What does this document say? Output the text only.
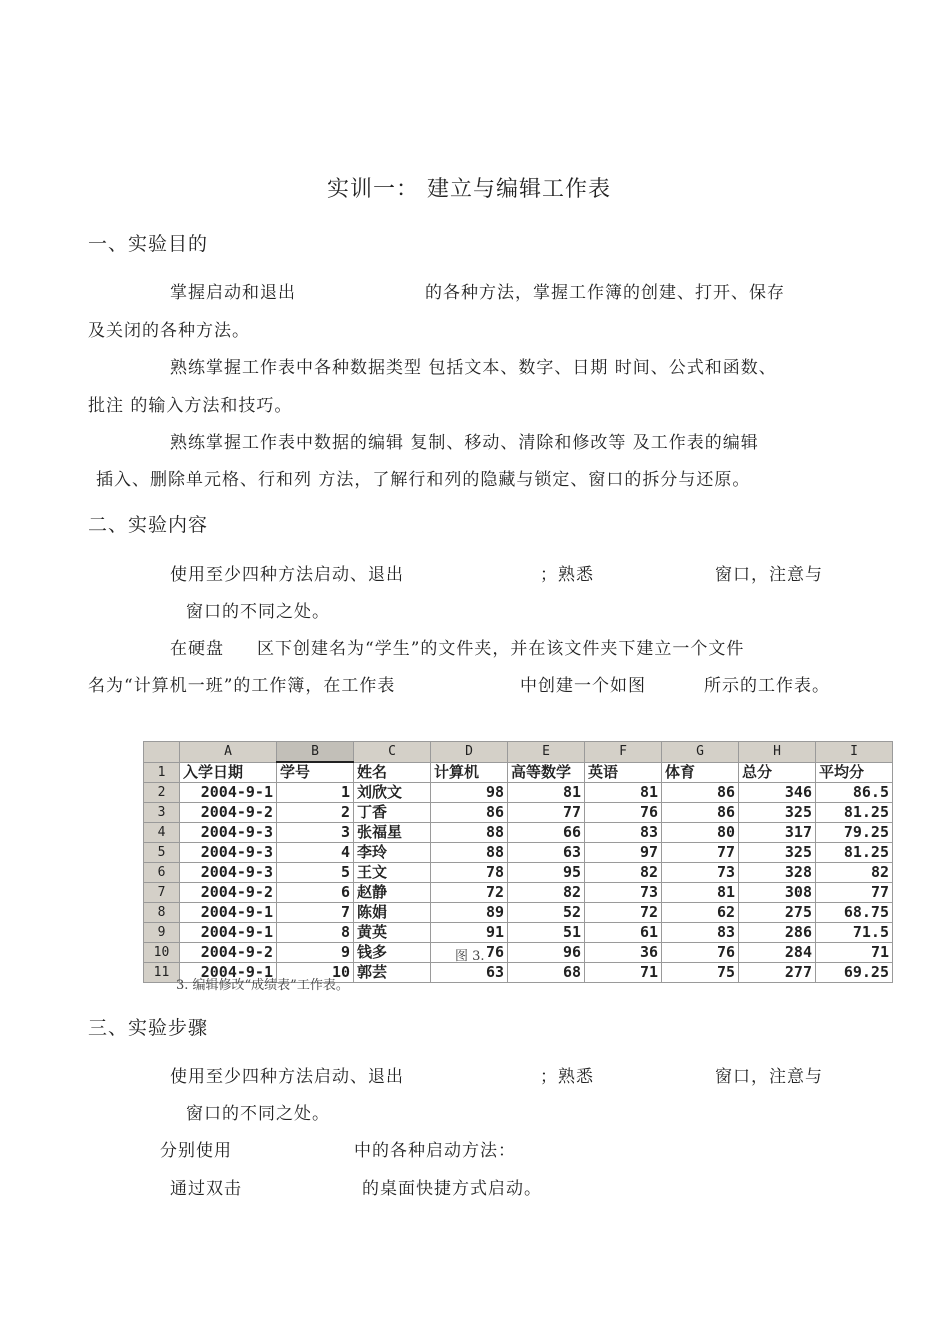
实训一： 建立与编辑工作表
一、实验目的
掌握启动和退出	的各种方法，掌握工作簿的创建、打开、保存
及关闭的各种方法。
熟练掌握工作表中各种数据类型 包括文本、数字、日期 时间、公式和函数、
批注 的输入方法和技巧。
熟练掌握工作表中数据的编辑 复制、移动、清除和修改等 及工作表的编辑
插入、删除单元格、行和列 方法，了解行和列的隐藏与锁定、窗口的拆分与还原。
二、实验内容
使用至少四种方法启动、退出	；熟悉	窗口，注意与
窗口的不同之处。
在硬盘 区下创建名为“学生”的文件夹，并在该文件夹下建立一个文件
名为“计算机一班”的工作簿，在工作表	中创建一个如图	所示的工作表。
	A	B	C	D	E	F	G	H	I
1	入学日期	学号	姓名	计算机	高等数学	英语	体育	总分	平均分
2	2004-9-1	1	刘欣文	98	81	81	86	346	86.5
3	2004-9-2	2	丁香	86	77	76	86	325	81.25
4	2004-9-3	3	张福星	88	66	83	80	317	79.25
5	2004-9-3	4	李玲	88	63	97	77	325	81.25
6	2004-9-3	5	王文	78	95	82	73	328	82
7	2004-9-2	6	赵静	72	82	73	81	308	77
8	2004-9-1	7	陈娟	89	52	72	62	275	68.75
9	2004-9-1	8	黄英	91	51	61	83	286	71.5
10	2004-9-2	9	钱多	76	96	36	76	284	71
11	2004-9-1	10	郭芸	63	68	71	75	277	69.25
图 3.
3. 编辑修改“成绩表”工作表。
三、实验步骤
使用至少四种方法启动、退出	；熟悉	窗口，注意与
窗口的不同之处。
分别使用	中的各种启动方法：
通过双击	的桌面快捷方式启动。
